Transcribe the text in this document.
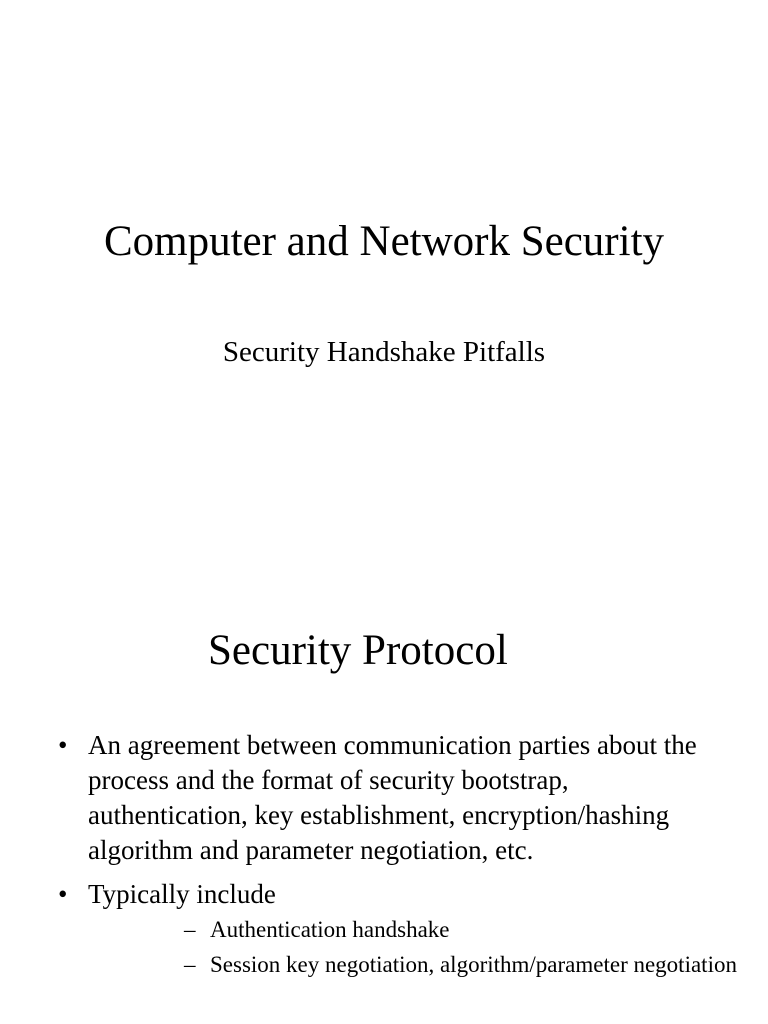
Computer and Network Security
Security Handshake Pitfalls
Security Protocol
• An agreement between communication parties about the process and the format of security bootstrap, authentication, key establishment, encryption/hashing algorithm and parameter negotiation, etc.
• Typically include
– Authentication handshake
– Session key negotiation, algorithm/parameter negotiation
